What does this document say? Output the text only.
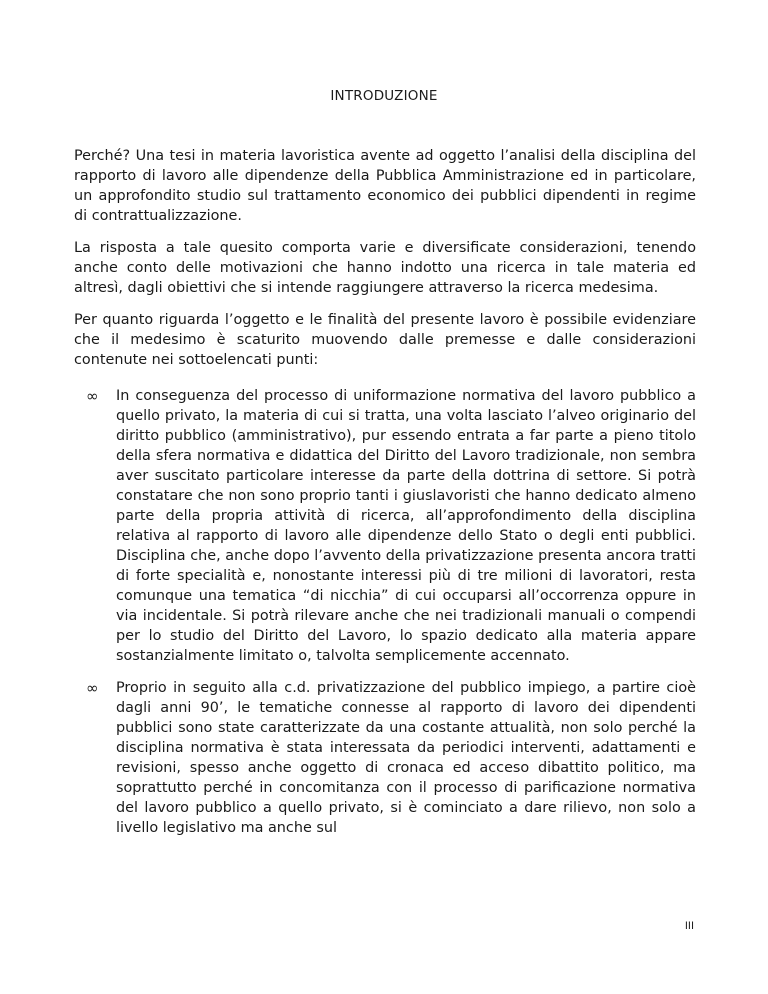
INTRODUZIONE

Perché? Una tesi in materia lavoristica avente ad oggetto l’analisi della disciplina del rapporto di lavoro alle dipendenze della Pubblica Amministrazione ed in particolare, un approfondito studio sul trattamento economico dei pubblici dipendenti in regime di contrattualizzazione.

La risposta a tale quesito comporta varie e diversificate considerazioni, tenendo anche conto delle motivazioni che hanno indotto una ricerca in tale materia ed altresì, dagli obiettivi che si intende raggiungere attraverso la ricerca medesima.

Per quanto riguarda l’oggetto e le finalità del presente lavoro è possibile evidenziare che il medesimo è scaturito muovendo dalle premesse e dalle considerazioni contenute nei sottoelencati punti:

∞ In conseguenza del processo di uniformazione normativa del lavoro pubblico a quello privato, la materia di cui si tratta, una volta lasciato l’alveo originario del diritto pubblico (amministrativo), pur essendo entrata a far parte a pieno titolo della sfera normativa e didattica del Diritto del Lavoro tradizionale, non sembra aver suscitato particolare interesse da parte della dottrina di settore. Si potrà constatare che non sono proprio tanti i giuslavoristi che hanno dedicato almeno parte della propria attività di ricerca, all’approfondimento della disciplina relativa al rapporto di lavoro alle dipendenze dello Stato o degli enti pubblici. Disciplina che, anche dopo l’avvento della privatizzazione presenta ancora tratti di forte specialità e, nonostante interessi più di tre milioni di lavoratori, resta comunque una tematica “di nicchia” di cui occuparsi all’occorrenza oppure in via incidentale. Si potrà rilevare anche che nei tradizionali manuali o compendi per lo studio del Diritto del Lavoro, lo spazio dedicato alla materia appare sostanzialmente limitato o, talvolta semplicemente accennato.
∞ Proprio in seguito alla c.d. privatizzazione del pubblico impiego, a partire cioè dagli anni 90’, le tematiche connesse al rapporto di lavoro dei dipendenti pubblici sono state caratterizzate da una costante attualità, non solo perché la disciplina normativa è stata interessata da periodici interventi, adattamenti e revisioni, spesso anche oggetto di cronaca ed acceso dibattito politico, ma soprattutto perché in concomitanza con il processo di parificazione normativa del lavoro pubblico a quello privato, si è cominciato a dare rilievo, non solo a livello legislativo ma anche sul
III
